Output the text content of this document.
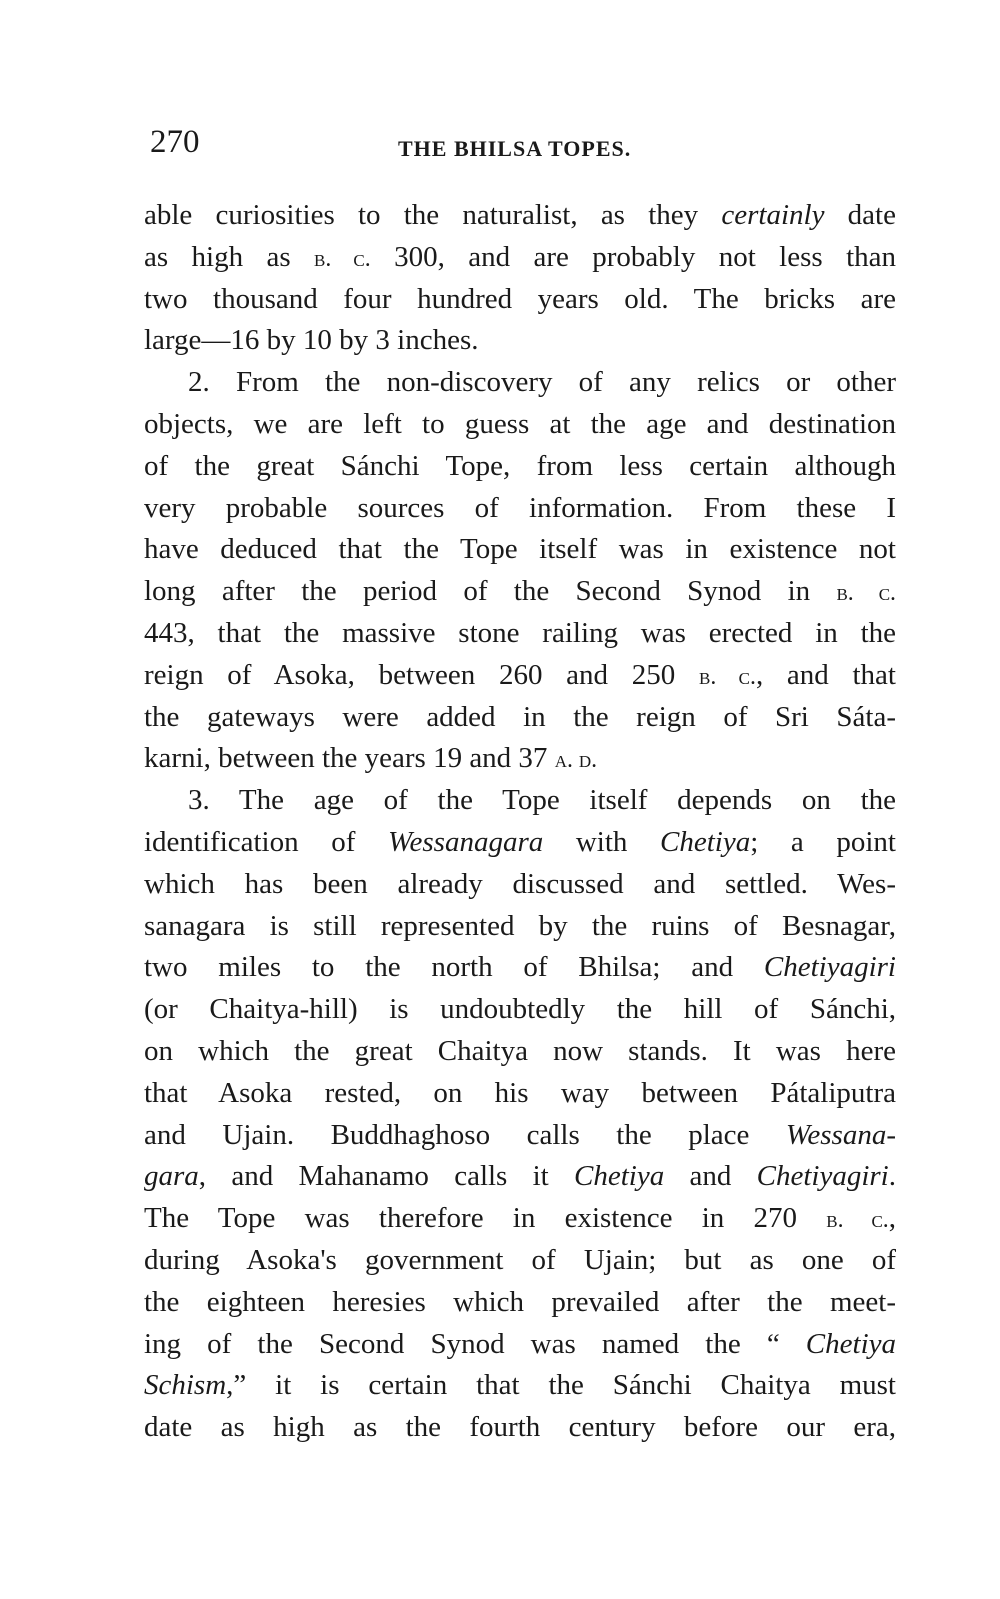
270	THE BHILSA TOPES.
able curiosities to the naturalist, as they certainly date
as high as b. c. 300, and are probably not less than
two thousand four hundred years old. The bricks are
large—16 by 10 by 3 inches.
2. From the non-discovery of any relics or other
objects, we are left to guess at the age and destination
of the great Sánchi Tope, from less certain although
very probable sources of information. From these I
have deduced that the Tope itself was in existence not
long after the period of the Second Synod in b. c.
443, that the massive stone railing was erected in the
reign of Asoka, between 260 and 250 b. c., and that
the gateways were added in the reign of Sri Sáta-
karni, between the years 19 and 37 a. d.
3. The age of the Tope itself depends on the
identification of Wessanagara with Chetiya; a point
which has been already discussed and settled. Wes-
sanagara is still represented by the ruins of Besnagar,
two miles to the north of Bhilsa; and Chetiyagiri
(or Chaitya-hill) is undoubtedly the hill of Sánchi,
on which the great Chaitya now stands. It was here
that Asoka rested, on his way between Pátaliputra
and Ujain. Buddhaghoso calls the place Wessana-
gara, and Mahanamo calls it Chetiya and Chetiyagiri.
The Tope was therefore in existence in 270 b. c.,
during Asoka's government of Ujain; but as one of
the eighteen heresies which prevailed after the meet-
ing of the Second Synod was named the “ Chetiya
Schism,” it is certain that the Sánchi Chaitya must
date as high as the fourth century before our era,
